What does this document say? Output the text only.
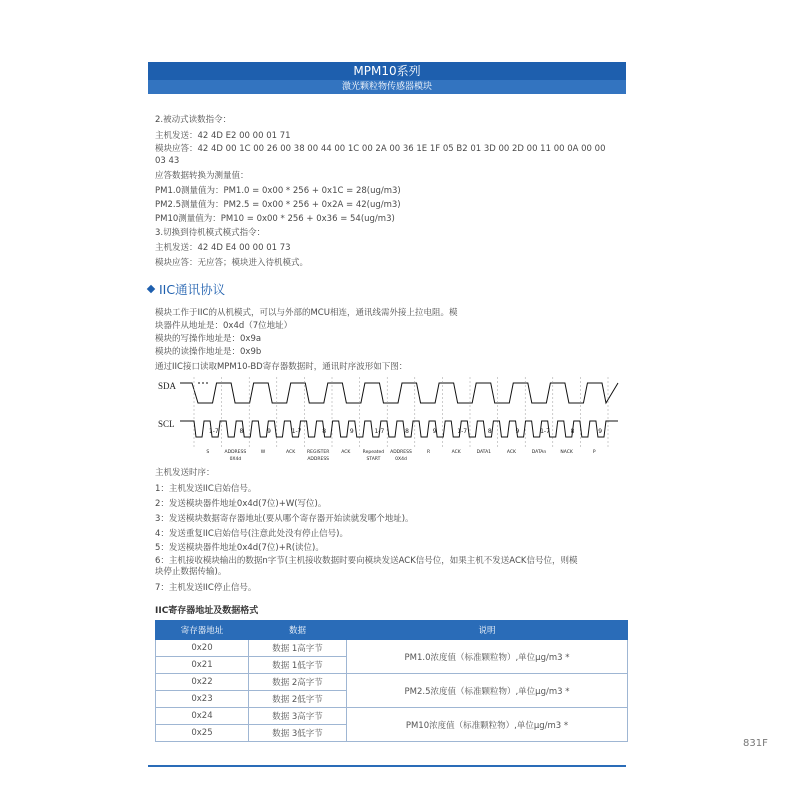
MPM10系列
激光颗粒物传感器模块
2.被动式读数指令：
主机发送：42 4D E2 00 00 01 71
模块应答：42 4D 00 1C 00 26 00 38 00 44 00 1C 00 2A 00 36 1E 1F 05 B2 01 3D 00 2D 00 11 00 0A 00 00
03 43
应答数据转换为测量值：
PM1.0测量值为：PM1.0 = 0x00 * 256 + 0x1C = 28(ug/m3)
PM2.5测量值为：PM2.5 = 0x00 * 256 + 0x2A = 42(ug/m3)
PM10测量值为：PM10 = 0x00 * 256 + 0x36 = 54(ug/m3)
3.切换到待机模式模式指令：
主机发送：42 4D E4 00 00 01 73
模块应答：无应答；模块进入待机模式。
IIC通讯协议
模块工作于IIC的从机模式，可以与外部的MCU相连，通讯线需外接上拉电阻。模
块器件从地址是：0x4d（7位地址）
模块的写操作地址是：0x9a
模块的读操作地址是：0x9b
通过IIC接口读取MPM10-BD寄存器数据时，通讯时序波形如下图：
SDA
SCL
1-7	8	9	1-7	8	9	1-7	8	9	1-7	8	9	1-7	8	9
S	ADDRESS	W	ACK	REGISTER	ACK	Repeated ADDRESS	R	ACK	DATA1	ACK	DATAn	NACK	P
0X4d	ADDRESS	START	0X4d
主机发送时序：
1：主机发送IIC启始信号。
2：发送模块器件地址0x4d(7位)+W(写位)。
3：发送模块数据寄存器地址(要从哪个寄存器开始读就发哪个地址)。
4：发送重复IIC启始信号(注意此处没有停止信号)。
5：发送模块器件地址0x4d(7位)+R(读位)。
6：主机接收模块输出的数据n字节(主机接收数据时要向模块发送ACK信号位，如果主机不发送ACK信号位，则模
块停止数据传输)。
7：主机发送IIC停止信号。
IIC寄存器地址及数据格式
寄存器地址	数据	说明
0x20	数据 1高字节	PM1.0浓度值（标准颗粒物）,单位μg/m3 *
0x21	数据 1低字节	
0x22	数据 2高字节	PM2.5浓度值（标准颗粒物）,单位μg/m3 *
0x23	数据 2低字节	
0x24	数据 3高字节	PM10浓度值（标准颗粒物）,单位μg/m3 *
0x25	数据 3低字节	
831F
